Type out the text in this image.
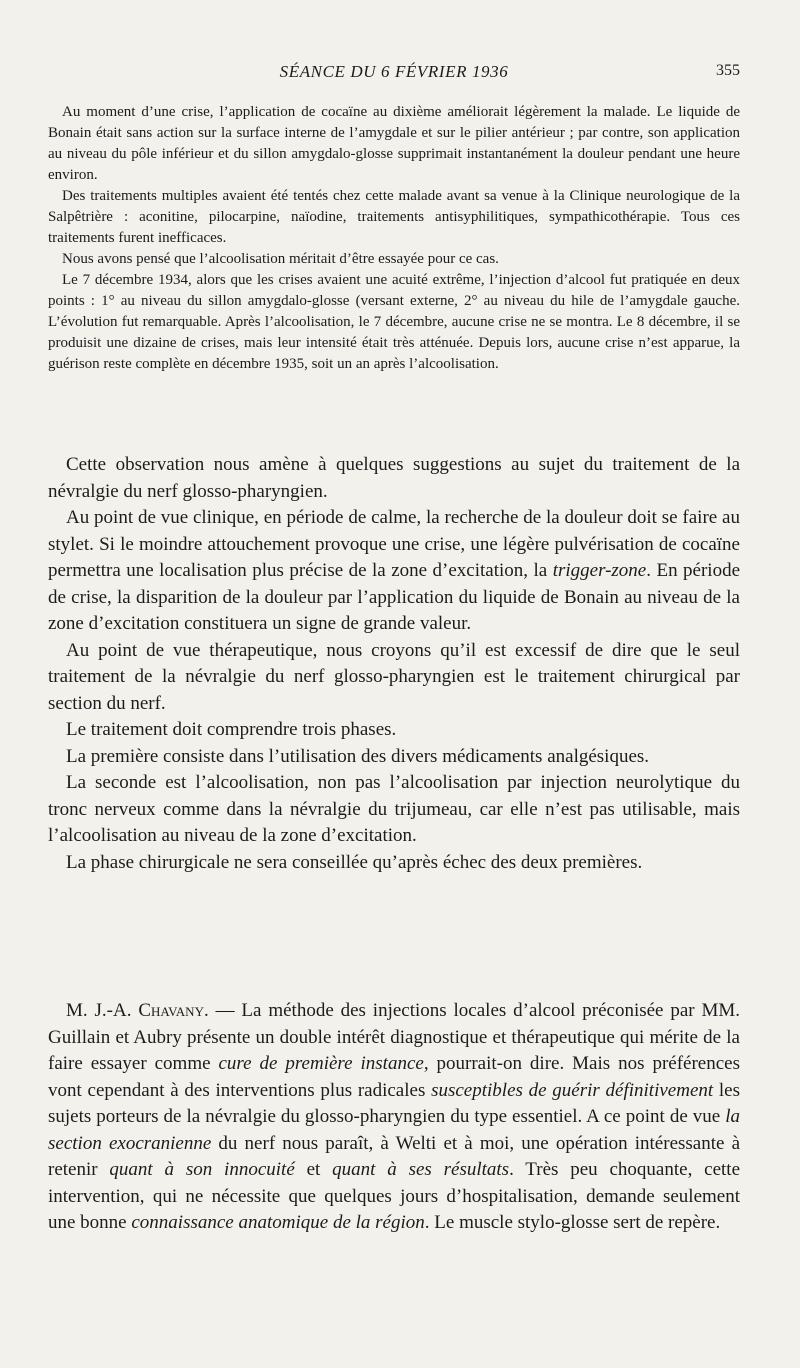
SÉANCE DU 6 FÉVRIER 1936	355

Au moment d’une crise, l’application de cocaïne au dixième améliorait légèrement la malade. Le liquide de Bonain était sans action sur la surface interne de l’amygdale et sur le pilier antérieur ; par contre, son application au niveau du pôle inférieur et du sillon amygdalo-glosse supprimait instantanément la douleur pendant une heure environ.

Des traitements multiples avaient été tentés chez cette malade avant sa venue à la Clinique neurologique de la Salpêtrière : aconitine, pilocarpine, naïodine, traitements antisyphilitiques, sympathicothérapie. Tous ces traitements furent inefficaces.

Nous avons pensé que l’alcoolisation méritait d’être essayée pour ce cas.

Le 7 décembre 1934, alors que les crises avaient une acuité extrême, l’injection d’alcool fut pratiquée en deux points : 1° au niveau du sillon amygdalo-glosse (versant externe, 2° au niveau du hile de l’amygdale gauche. L’évolution fut remarquable. Après l’alcoolisation, le 7 décembre, aucune crise ne se montra. Le 8 décembre, il se produisit une dizaine de crises, mais leur intensité était très atténuée. Depuis lors, aucune crise n’est apparue, la guérison reste complète en décembre 1935, soit un an après l’alcoolisation.

Cette observation nous amène à quelques suggestions au sujet du traitement de la névralgie du nerf glosso-pharyngien.

Au point de vue clinique, en période de calme, la recherche de la douleur doit se faire au stylet. Si le moindre attouchement provoque une crise, une légère pulvérisation de cocaïne permettra une localisation plus précise de la zone d’excitation, la trigger-zone. En période de crise, la disparition de la douleur par l’application du liquide de Bonain au niveau de la zone d’excitation constituera un signe de grande valeur.

Au point de vue thérapeutique, nous croyons qu’il est excessif de dire que le seul traitement de la névralgie du nerf glosso-pharyngien est le traitement chirurgical par section du nerf.

Le traitement doit comprendre trois phases.

La première consiste dans l’utilisation des divers médicaments analgésiques.

La seconde est l’alcoolisation, non pas l’alcoolisation par injection neurolytique du tronc nerveux comme dans la névralgie du trijumeau, car elle n’est pas utilisable, mais l’alcoolisation au niveau de la zone d’excitation.

La phase chirurgicale ne sera conseillée qu’après échec des deux premières.

M. J.-A. Chavany. — La méthode des injections locales d’alcool préconisée par MM. Guillain et Aubry présente un double intérêt diagnostique et thérapeutique qui mérite de la faire essayer comme cure de première instance, pourrait-on dire. Mais nos préférences vont cependant à des interventions plus radicales susceptibles de guérir définitivement les sujets porteurs de la névralgie du glosso-pharyngien du type essentiel. A ce point de vue la section exocranienne du nerf nous paraît, à Welti et à moi, une opération intéressante à retenir quant à son innocuité et quant à ses résultats. Très peu choquante, cette intervention, qui ne nécessite que quelques jours d’hospitalisation, demande seulement une bonne connaissance anatomique de la région. Le muscle stylo-glosse sert de repère.
